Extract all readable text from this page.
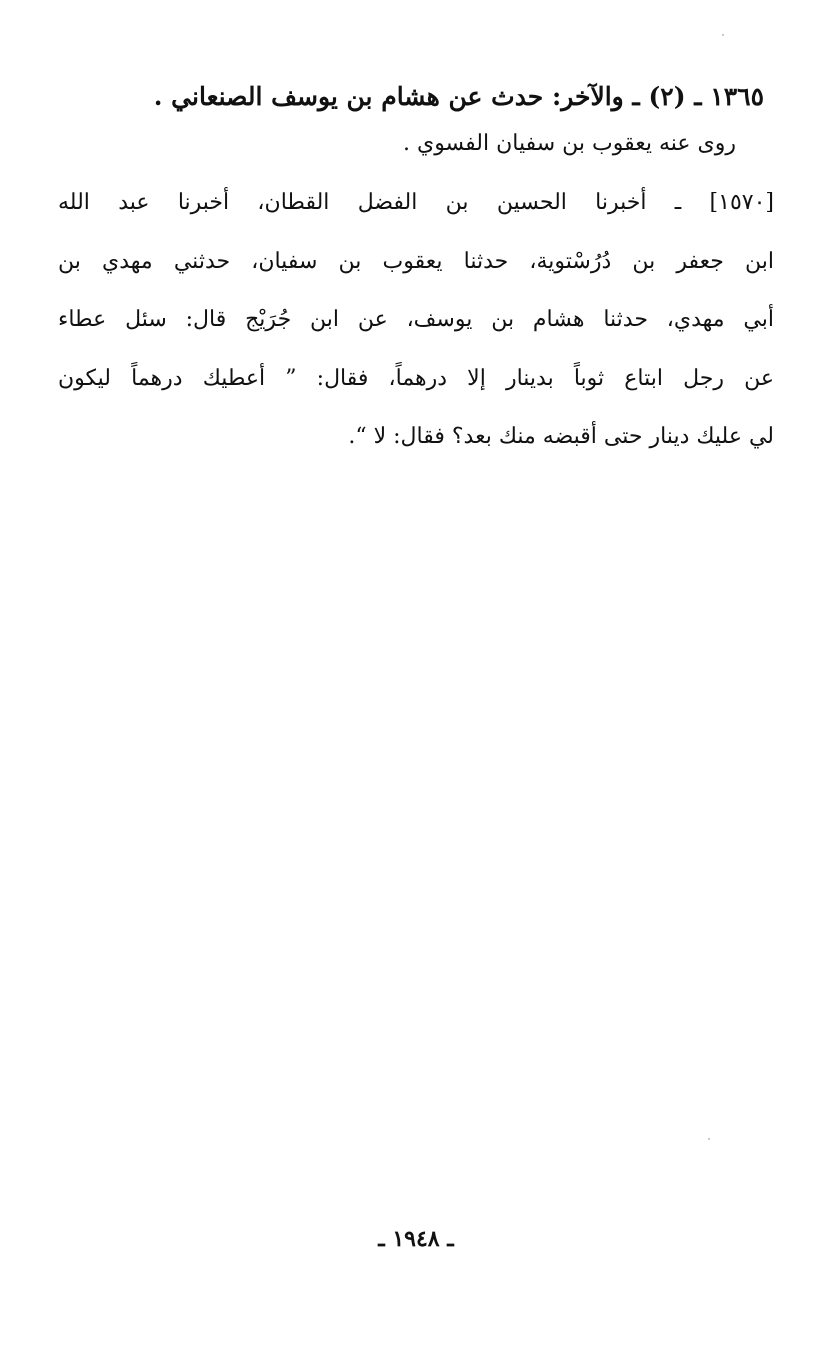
١٣٦٥ ـ (٢) ـ والآخر: حدث عن هشام بن يوسف الصنعاني .

روى عنه يعقوب بن سفيان الفسوي .

[١٥٧٠] ـ أخبرنا الحسين بن الفضل القطان، أخبرنا عبد الله
ابن جعفر بن دُرُسْتوية، حدثنا يعقوب بن سفيان، حدثني مهدي بن
أبي مهدي، حدثنا هشام بن يوسف، عن ابن جُرَيْج قال: سئل عطاء
عن رجل ابتاع ثوباً بدينار إلا درهماً، فقال: ” أعطيك درهماً ليكون
لي عليك دينار حتى أقبضه منك بعد؟ فقال: لا “.
ـ ١٩٤٨ ـ
